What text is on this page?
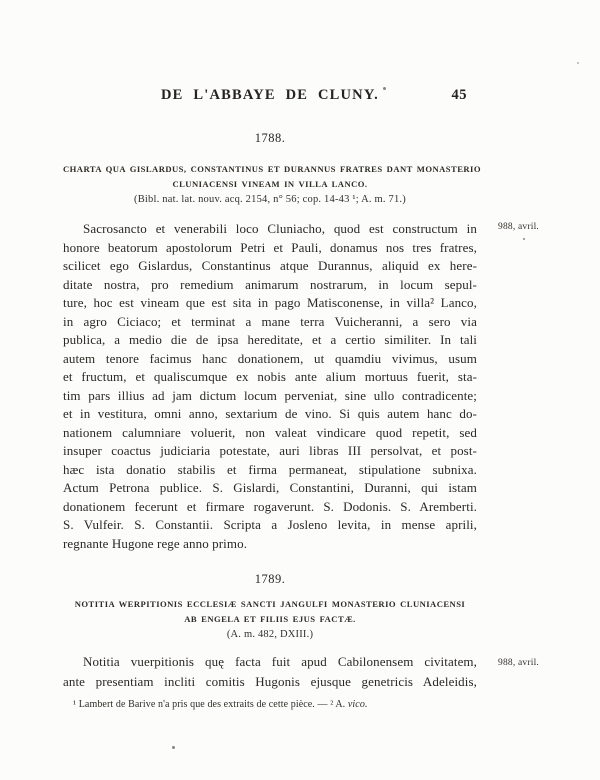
DE L'ABBAYE DE CLUNY.	45
1788.
CHARTA QUA GISLARDUS, CONSTANTINUS ET DURANNUS FRATRES DANT MONASTERIO
CLUNIACENSI VINEAM IN VILLA LANCO.
(Bibl. nat. lat. nouv. acq. 2154, n° 56; cop. 14-43 ¹; A. m. 71.)
Sacrosancto et venerabili loco Cluniacho, quod est constructum in
honore beatorum apostolorum Petri et Pauli, donamus nos tres fratres,
scilicet ego Gislardus, Constantinus atque Durannus, aliquid ex here-
ditate nostra, pro remedium animarum nostrarum, in locum sepul-
ture, hoc est vineam que est sita in pago Matisconense, in villa² Lanco,
in agro Ciciaco; et terminat a mane terra Vuicheranni, a sero via
publica, a medio die de ipsa hereditate, et a certio similiter. In tali
autem tenore facimus hanc donationem, ut quamdiu vivimus, usum
et fructum, et qualiscumque ex nobis ante alium mortuus fuerit, sta-
tim pars illius ad jam dictum locum perveniat, sine ullo contradicente;
et in vestitura, omni anno, sextarium de vino. Si quis autem hanc do-
nationem calumniare voluerit, non valeat vindicare quod repetit, sed
insuper coactus judiciaria potestate, auri libras III persolvat, et post-
hæc ista donatio stabilis et firma permaneat, stipulatione subnixa.
Actum Petrona publice. S. Gislardi, Constantini, Duranni, qui istam
donationem fecerunt et firmare rogaverunt. S. Dodonis. S. Aremberti.
S. Vulfeir. S. Constantii. Scripta a Josleno levita, in mense aprili,
regnante Hugone rege anno primo.
988, avril.
1789.
NOTITIA WERPITIONIS ECCLESIÆ SANCTI JANGULFI MONASTERIO CLUNIACENSI
AB ENGELA ET FILIIS EJUS FACTÆ.
(A. m. 482, DXIII.)
Notitia vuerpitionis quę facta fuit apud Cabilonensem civitatem,
ante presentiam incliti comitis Hugonis ejusque genetricis Adeleidis,
988, avril.
¹ Lambert de Barive n'a pris que des extraits de cette pièce. — ² A. vico.
